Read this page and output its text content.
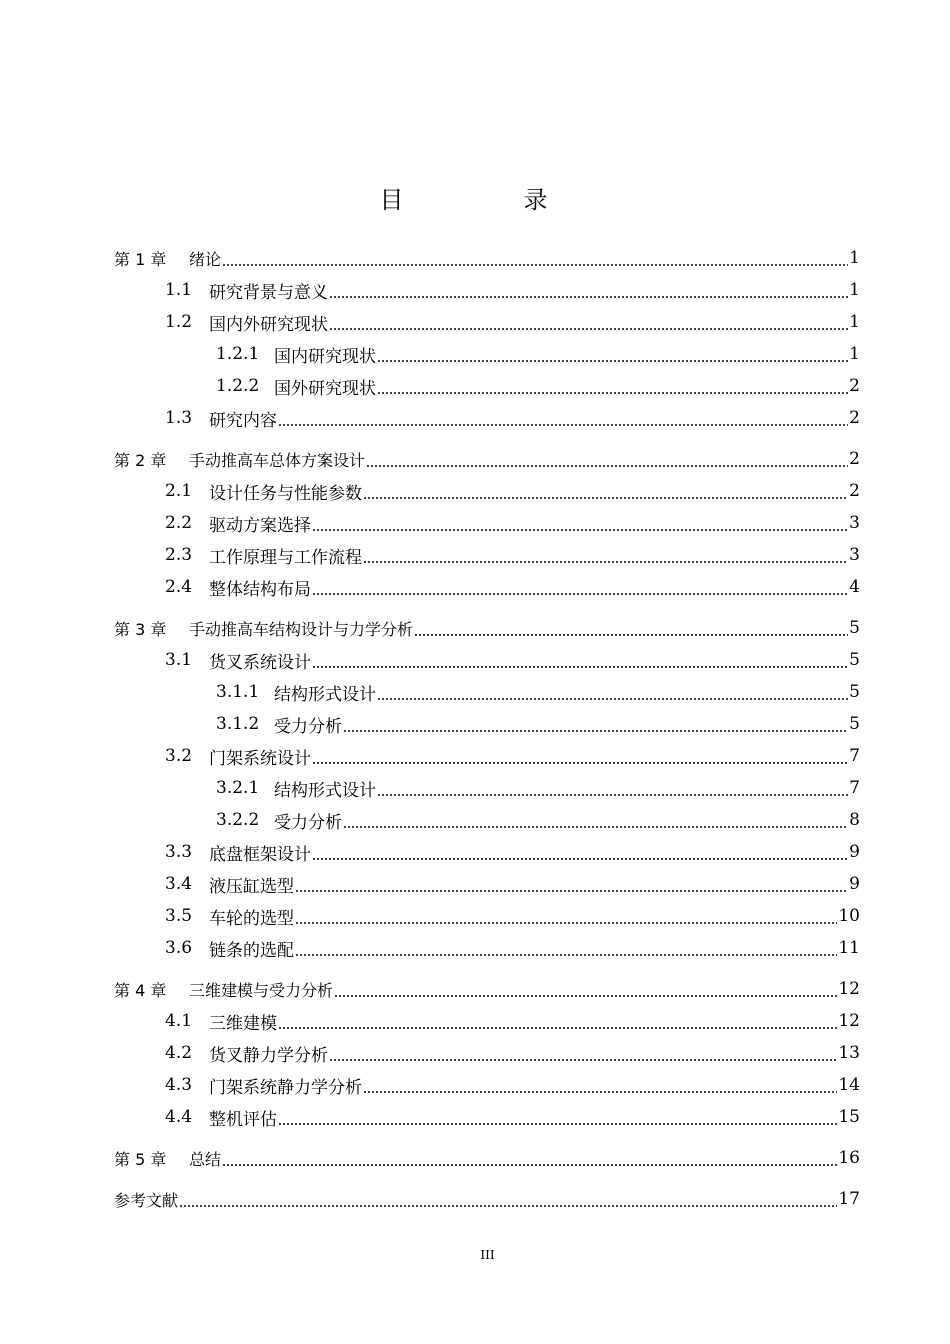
目　录
第 1 章	绪论	1
1.1 研究背景与意义	1
1.2 国内外研究现状	1
1.2.1 国内研究现状	1
1.2.2 国外研究现状	2
1.3 研究内容	2
第 2 章	手动推高车总体方案设计	2
2.1 设计任务与性能参数	2
2.2 驱动方案选择	3
2.3 工作原理与工作流程	3
2.4 整体结构布局	4
第 3 章	手动推高车结构设计与力学分析	5
3.1 货叉系统设计	5
3.1.1 结构形式设计	5
3.1.2 受力分析	5
3.2 门架系统设计	7
3.2.1 结构形式设计	7
3.2.2 受力分析	8
3.3 底盘框架设计	9
3.4 液压缸选型	9
3.5 车轮的选型	10
3.6 链条的选配	11
第 4 章	三维建模与受力分析	12
4.1 三维建模	12
4.2 货叉静力学分析	13
4.3 门架系统静力学分析	14
4.4 整机评估	15
第 5 章	总结	16
参考文献	17
III
